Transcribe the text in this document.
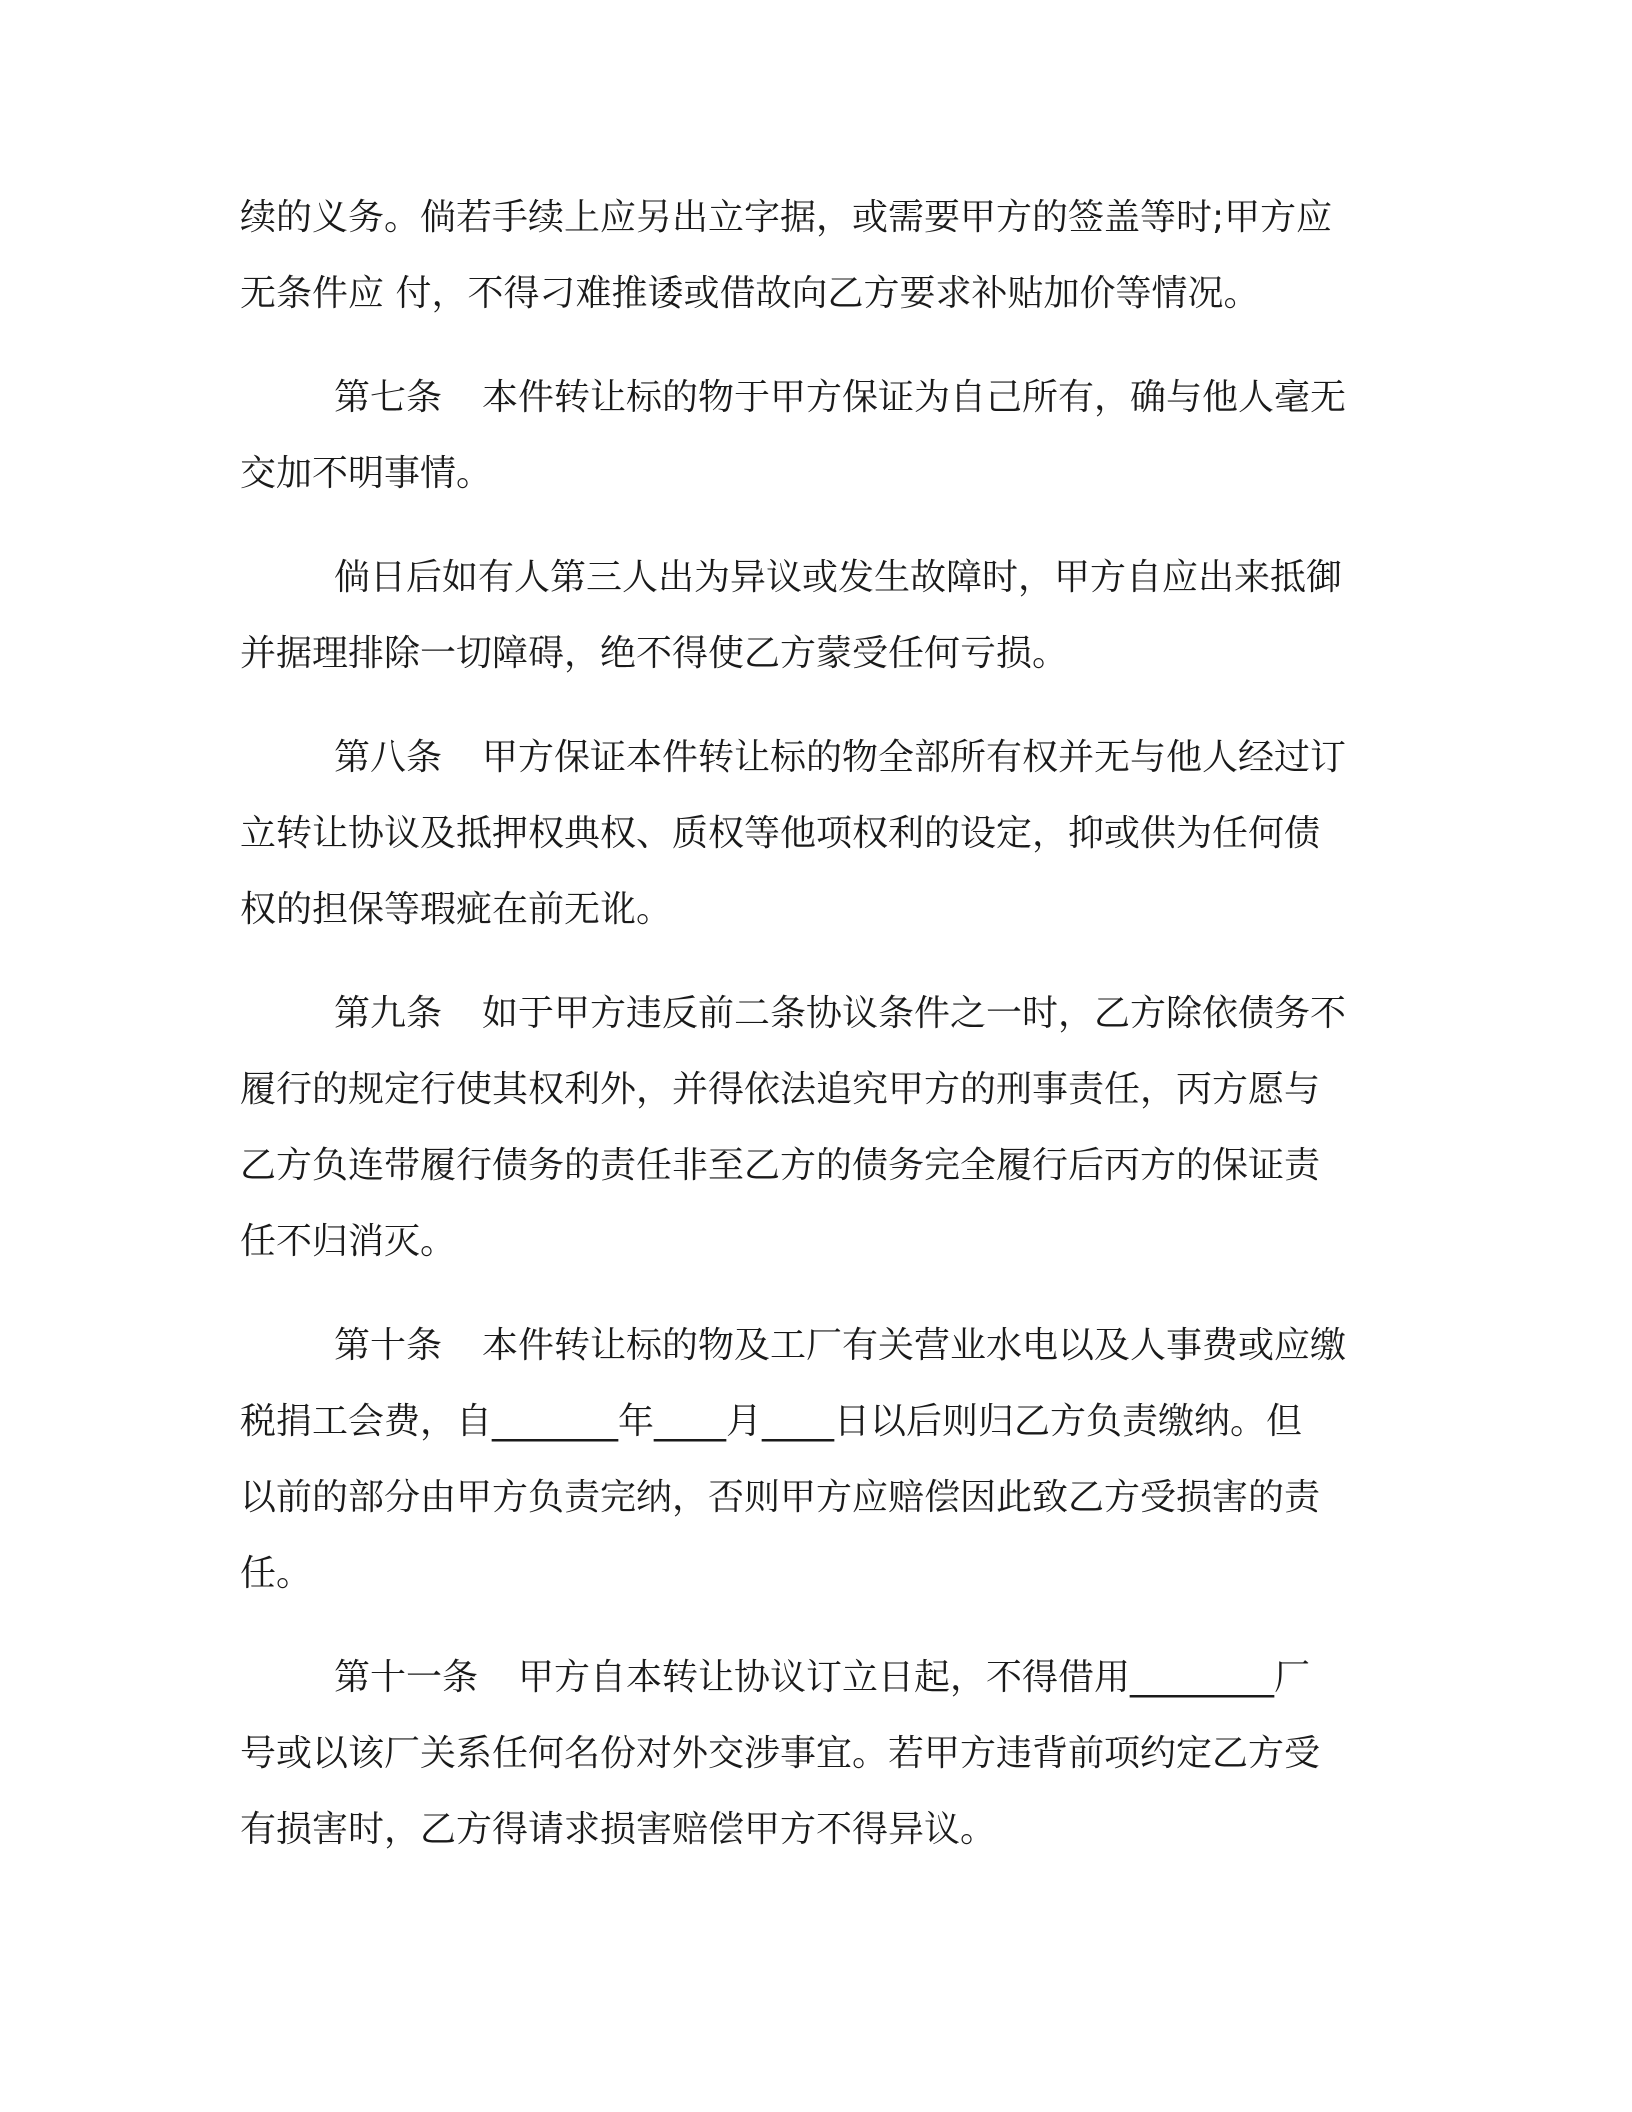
续的义务。倘若手续上应另出立字据，或需要甲方的签盖等时;甲方应
无条件应 付，不得刁难推诿或借故向乙方要求补贴加价等情况。
第七条 本件转让标的物于甲方保证为自己所有，确与他人毫无
交加不明事情。
倘日后如有人第三人出为异议或发生故障时，甲方自应出来抵御
并据理排除一切障碍，绝不得使乙方蒙受任何亏损。
第八条 甲方保证本件转让标的物全部所有权并无与他人经过订
立转让协议及抵押权典权、质权等他项权利的设定，抑或供为任何债
权的担保等瑕疵在前无讹。
第九条 如于甲方违反前二条协议条件之一时，乙方除依债务不
履行的规定行使其权利外，并得依法追究甲方的刑事责任，丙方愿与
乙方负连带履行债务的责任非至乙方的债务完全履行后丙方的保证责
任不归消灭。
第十条 本件转让标的物及工厂有关营业水电以及人事费或应缴
税捐工会费，自_______年____月____日以后则归乙方负责缴纳。但
以前的部分由甲方负责完纳，否则甲方应赔偿因此致乙方受损害的责
任。
第十一条 甲方自本转让协议订立日起，不得借用________厂
号或以该厂关系任何名份对外交涉事宜。若甲方违背前项约定乙方受
有损害时，乙方得请求损害赔偿甲方不得异议。
